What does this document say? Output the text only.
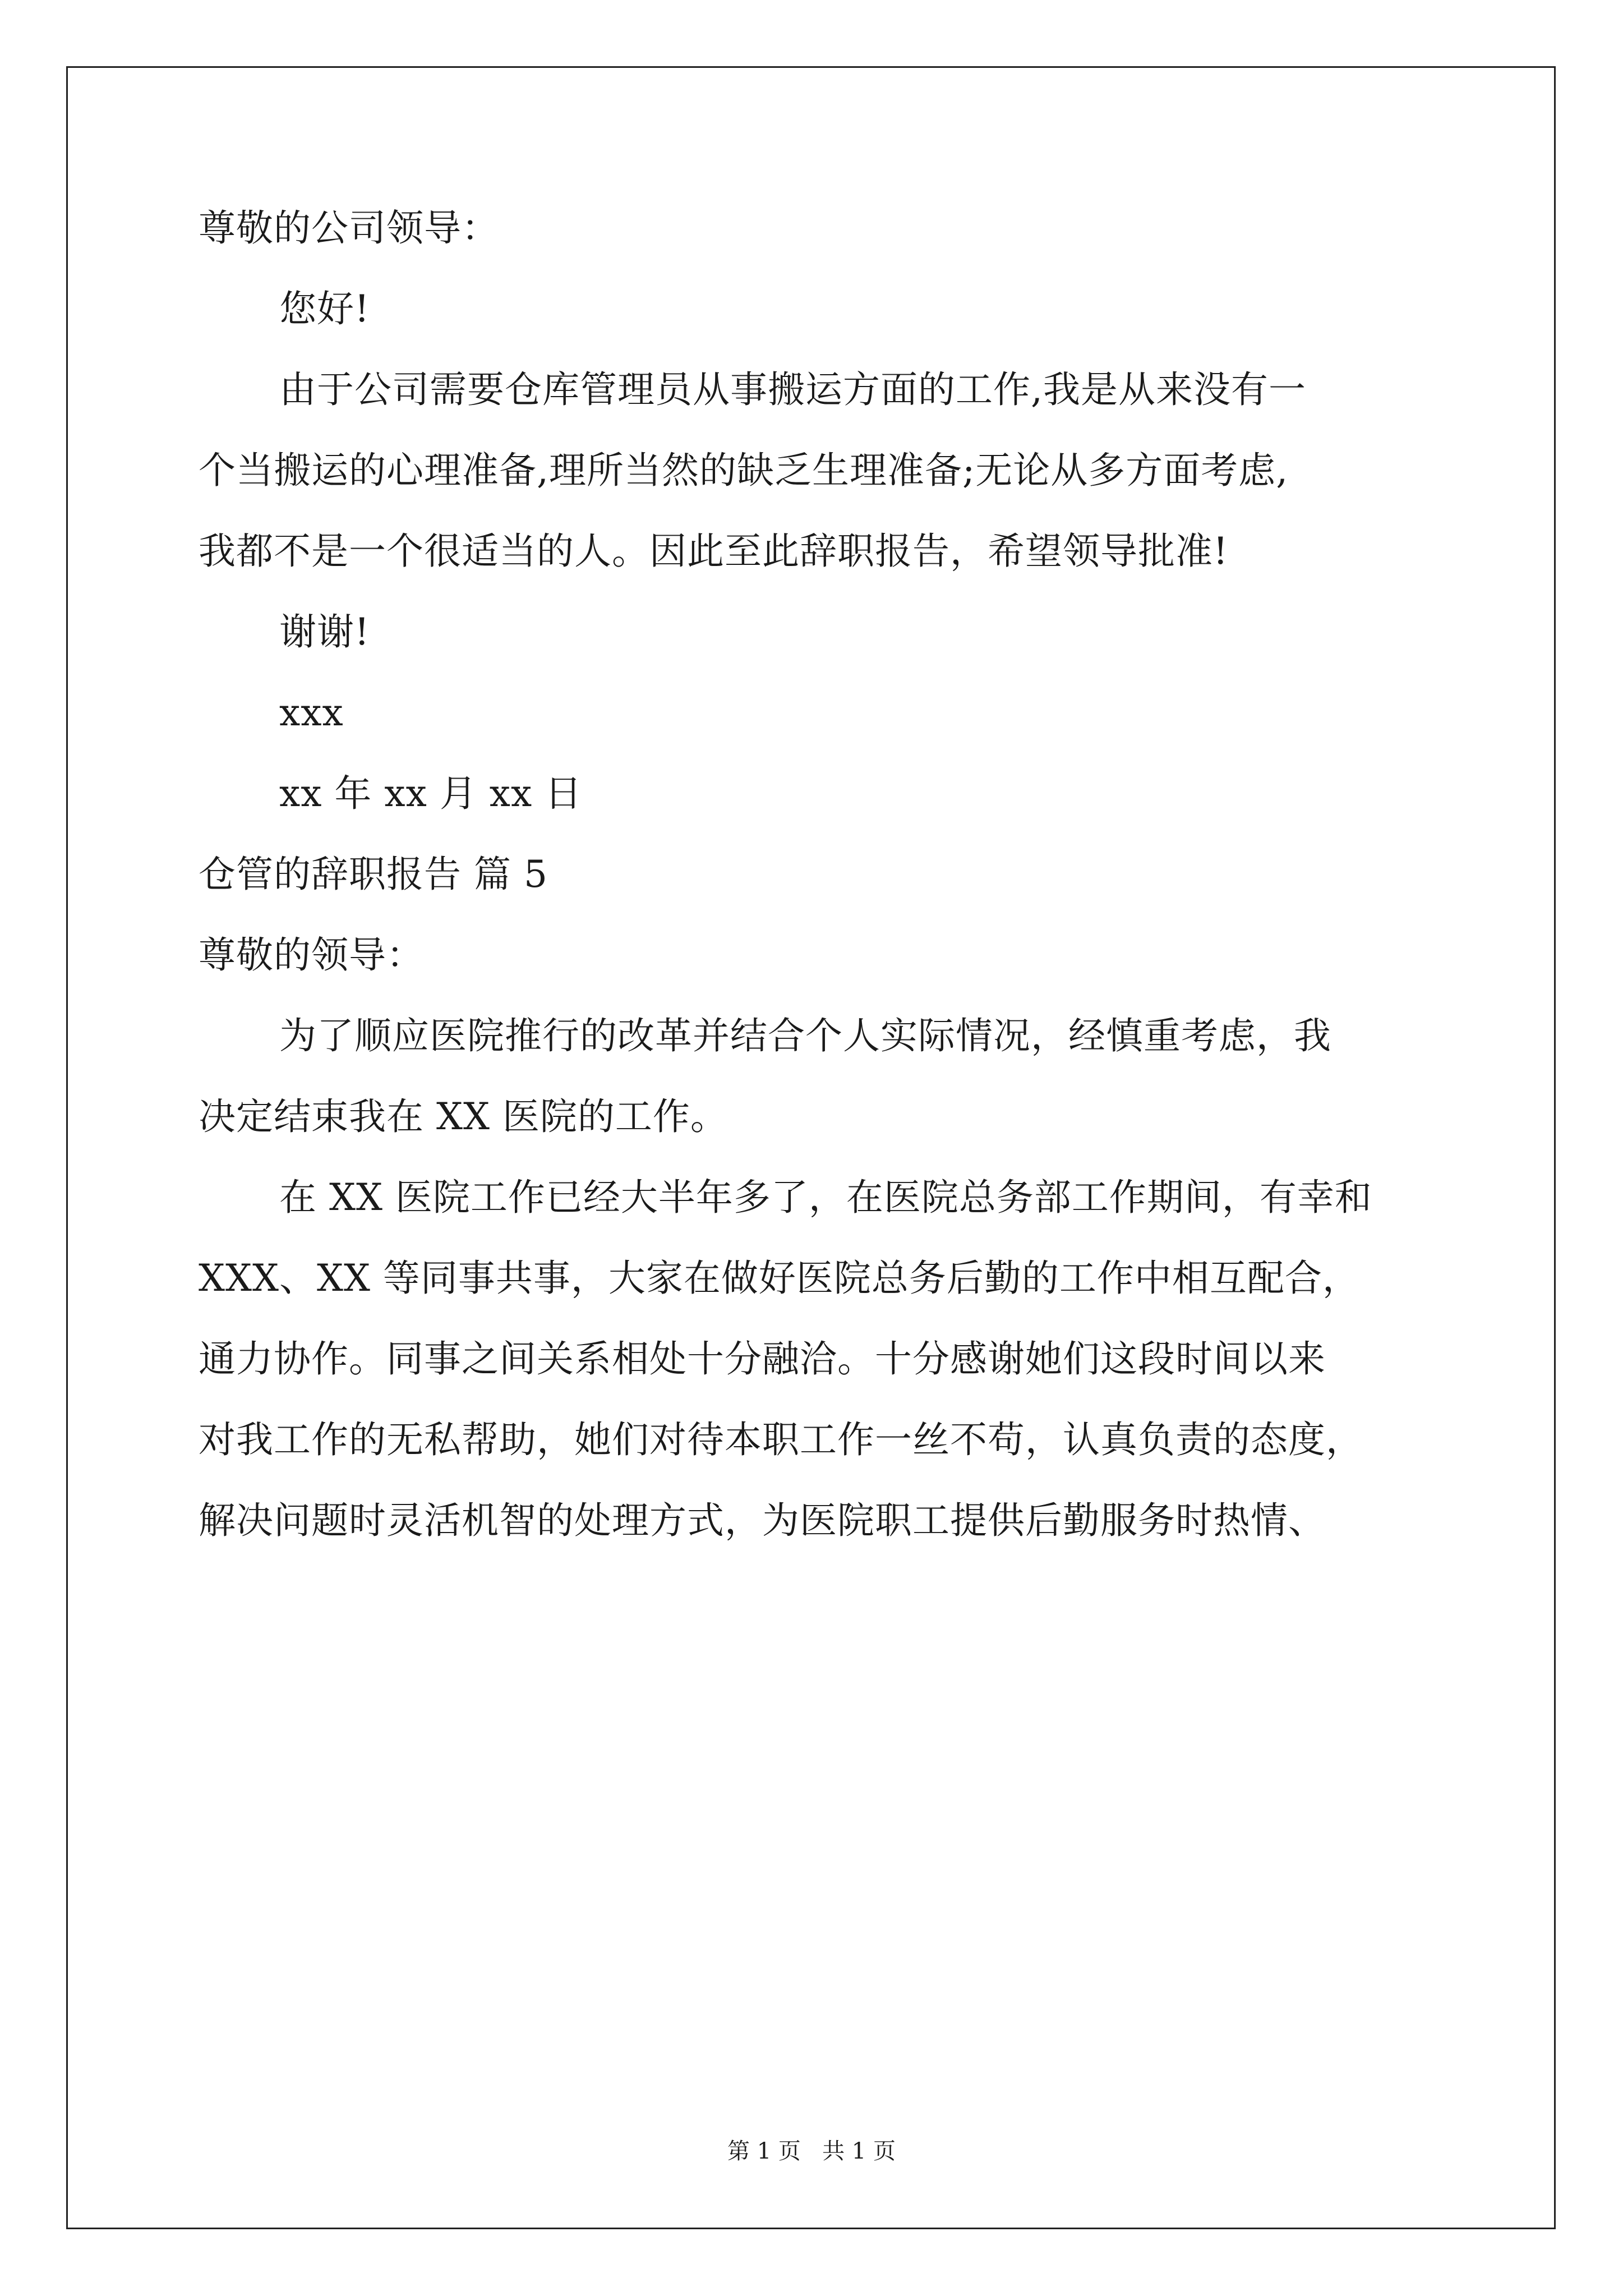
尊敬的公司领导：
您好!
由于公司需要仓库管理员从事搬运方面的工作,我是从来没有一
个当搬运的心理准备,理所当然的缺乏生理准备;无论从多方面考虑,
我都不是一个很适当的人。因此至此辞职报告，希望领导批准!
谢谢!
xxx
xx 年 xx 月 xx 日
仓管的辞职报告 篇 5
尊敬的领导：
为了顺应医院推行的改革并结合个人实际情况，经慎重考虑，我
决定结束我在 XX 医院的工作。
在 XX 医院工作已经大半年多了，在医院总务部工作期间，有幸和
XXX、XX 等同事共事，大家在做好医院总务后勤的工作中相互配合，
通力协作。同事之间关系相处十分融洽。十分感谢她们这段时间以来
对我工作的无私帮助，她们对待本职工作一丝不苟，认真负责的态度，
解决问题时灵活机智的处理方式，为医院职工提供后勤服务时热情、
第 1 页   共 1 页
